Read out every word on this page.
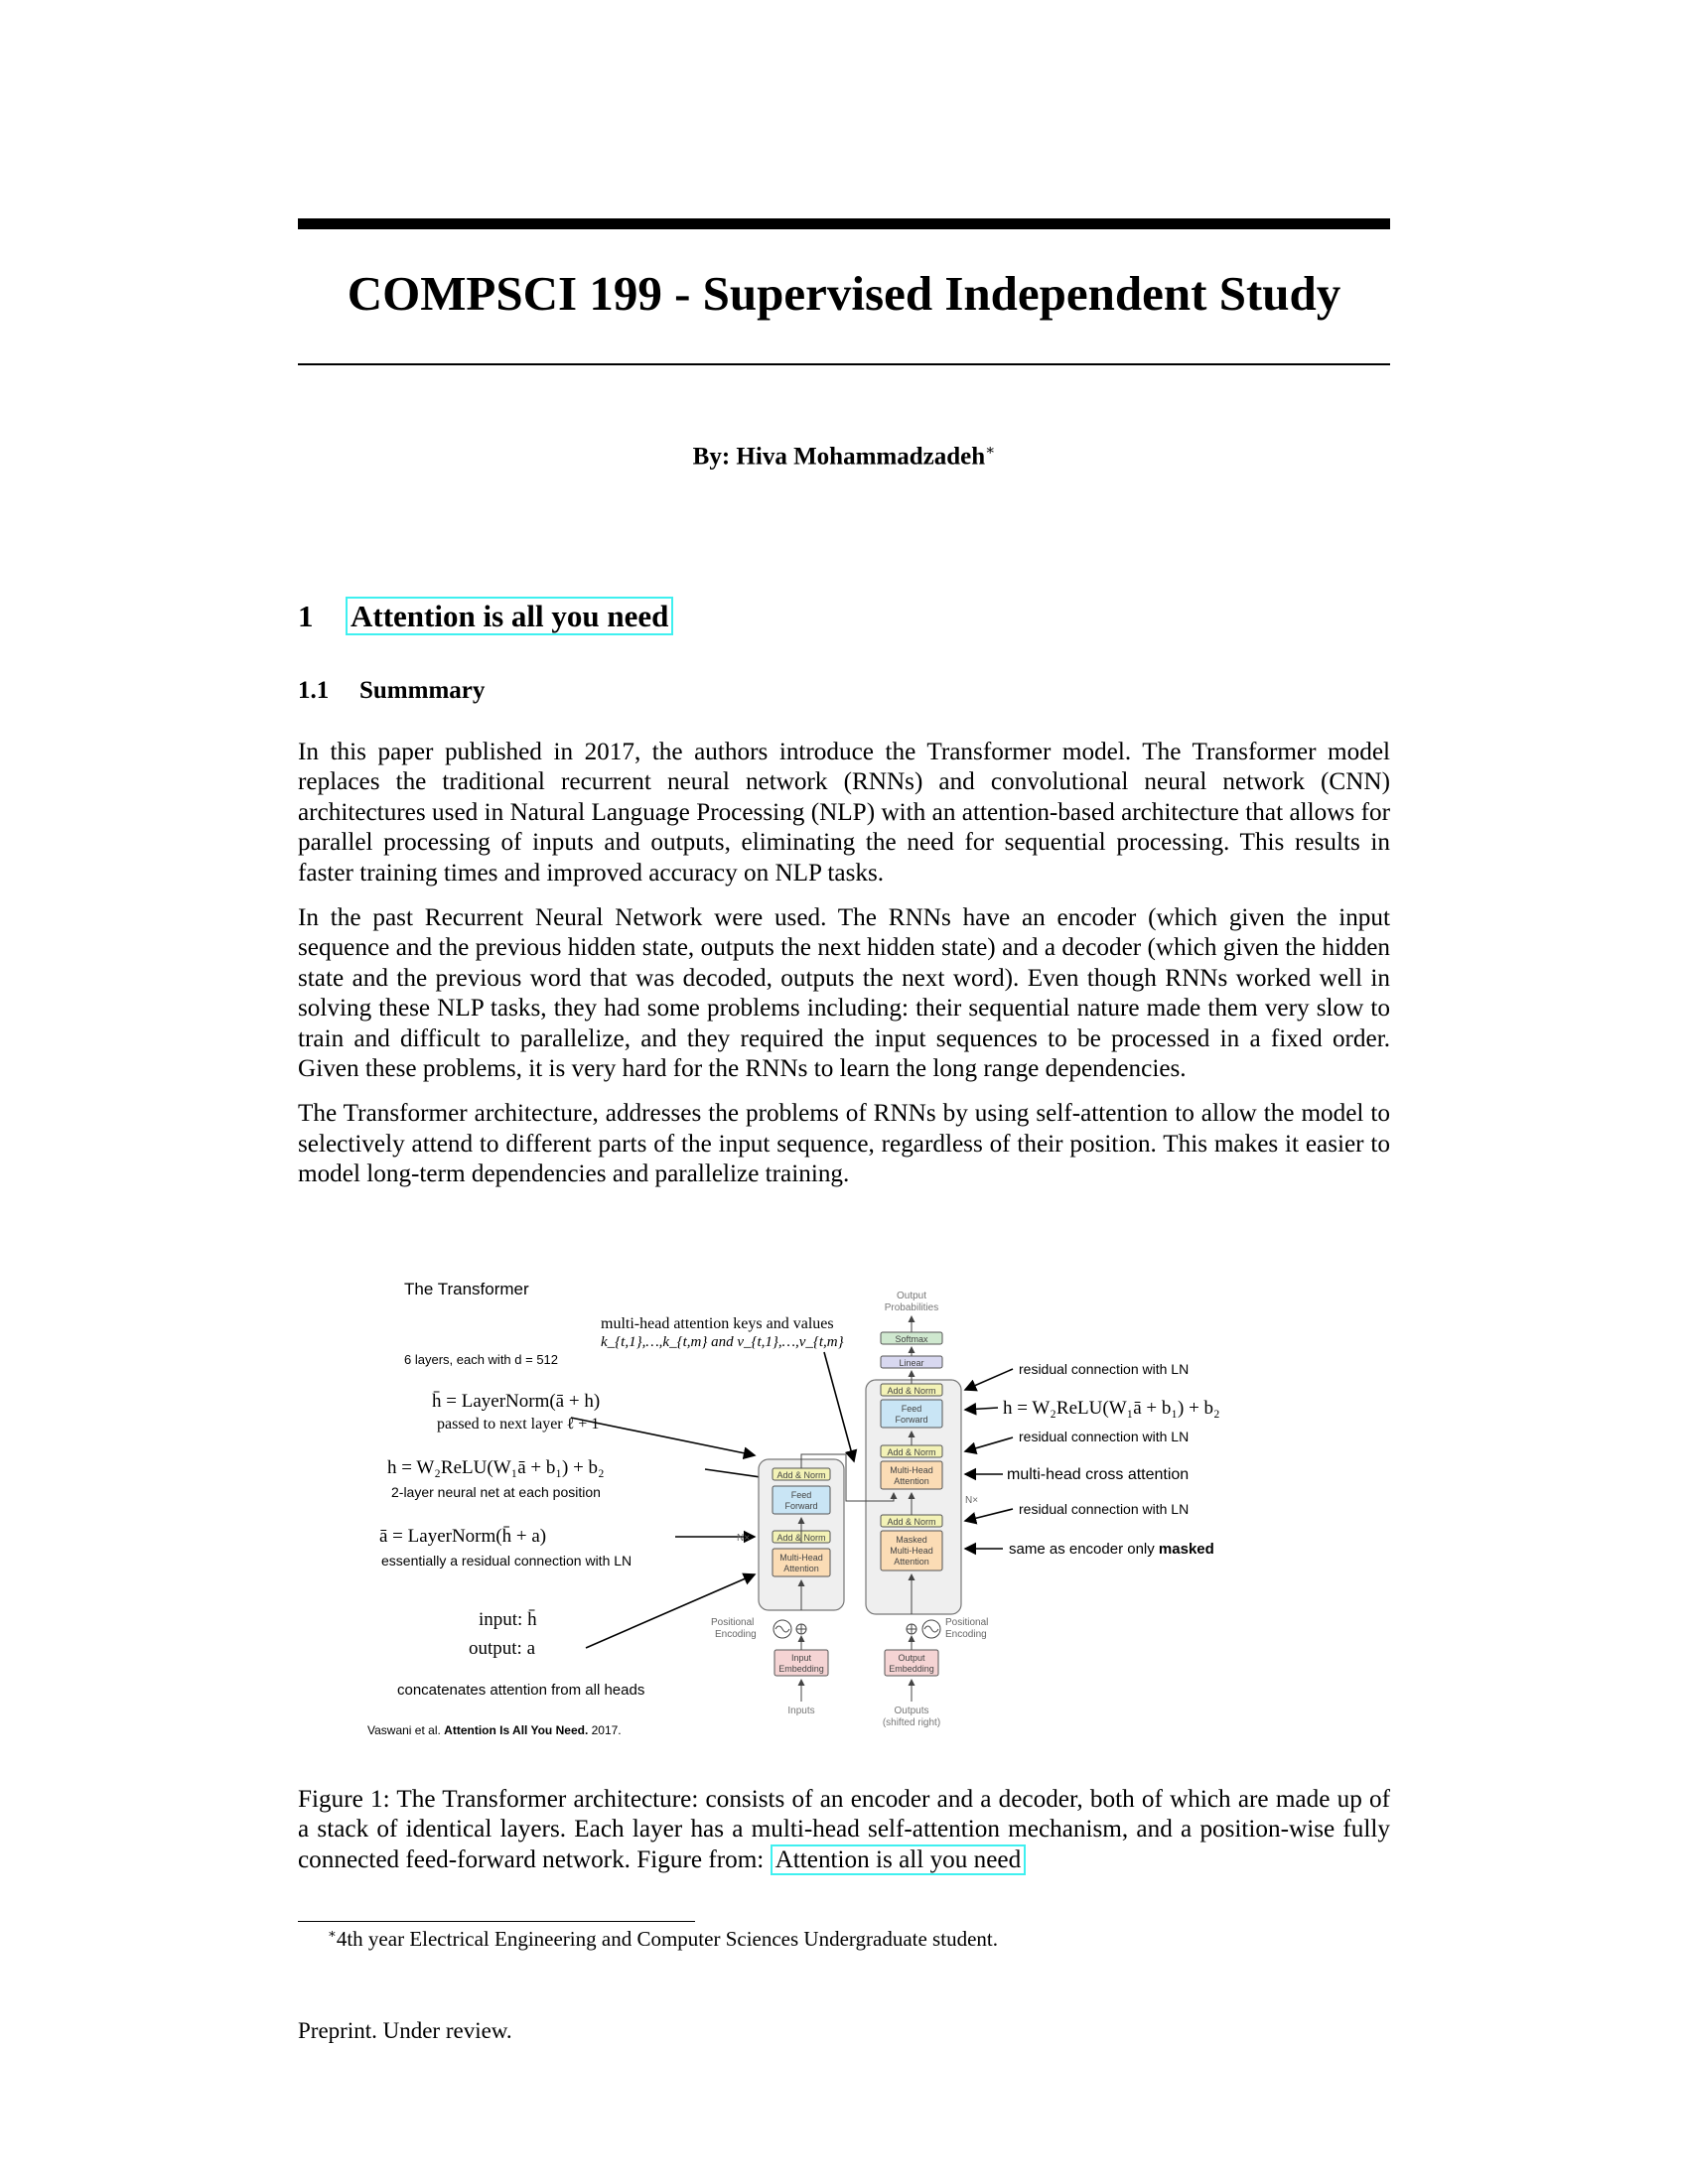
COMPSCI 199 - Supervised Independent Study
By: Hiva Mohammadzadeh∗
1 Attention is all you need
1.1 Summmary

In this paper published in 2017, the authors introduce the Transformer model. The Transformer model replaces the traditional recurrent neural network (RNNs) and convolutional neural network (CNN) architectures used in Natural Language Processing (NLP) with an attention-based architecture that allows for parallel processing of inputs and outputs, eliminating the need for sequential processing. This results in faster training times and improved accuracy on NLP tasks.

In the past Recurrent Neural Network were used. The RNNs have an encoder (which given the input sequence and the previous hidden state, outputs the next hidden state) and a decoder (which given the hidden state and the previous word that was decoded, outputs the next word). Even though RNNs worked well in solving these NLP tasks, they had some problems including: their sequential nature made them very slow to train and difficult to parallelize, and they required the input sequences to be processed in a fixed order. Given these problems, it is very hard for the RNNs to learn the long range dependencies.

The Transformer architecture, addresses the problems of RNNs by using self-attention to allow the model to selectively attend to different parts of the input sequence, regardless of their position. This makes it easier to model long-term dependencies and parallelize training.

The Transformer
6 layers, each with d = 512
multi-head attention keys and values
k_{t,1},…,k_{t,m} and v_{t,1},…,v_{t,m}
h̄ = LayerNorm(ā + h)
passed to next layer ℓ + 1
h = W₂ReLU(W₁ā + b₁) + b₂
2-layer neural net at each position
ā = LayerNorm(h̄ + a)
essentially a residual connection with LN
input: h̄
output: a
concatenates attention from all heads
Vaswani et al. Attention Is All You Need. 2017.
N×
Add & Norm
Feed
Forward
Add & Norm
Multi-Head
Attention
Positional
Encoding
Input
Embedding
Inputs
N×
Add & Norm
Feed
Forward
Add & Norm
Multi-Head
Attention
Add & Norm
Masked
Multi-Head
Attention
Linear
Softmax
Output
Probabilities
Positional
Encoding
Output
Embedding
Outputs
(shifted right)
residual connection with LN
h = W₂ReLU(W₁ā + b₁) + b₂
residual connection with LN
multi-head cross attention
residual connection with LN
same as encoder only masked
Figure 1: The Transformer architecture: consists of an encoder and a decoder, both of which are made up of a stack of identical layers. Each layer has a multi-head self-attention mechanism, and a position-wise fully connected feed-forward network. Figure from: Attention is all you need
∗4th year Electrical Engineering and Computer Sciences Undergraduate student.
Preprint. Under review.
